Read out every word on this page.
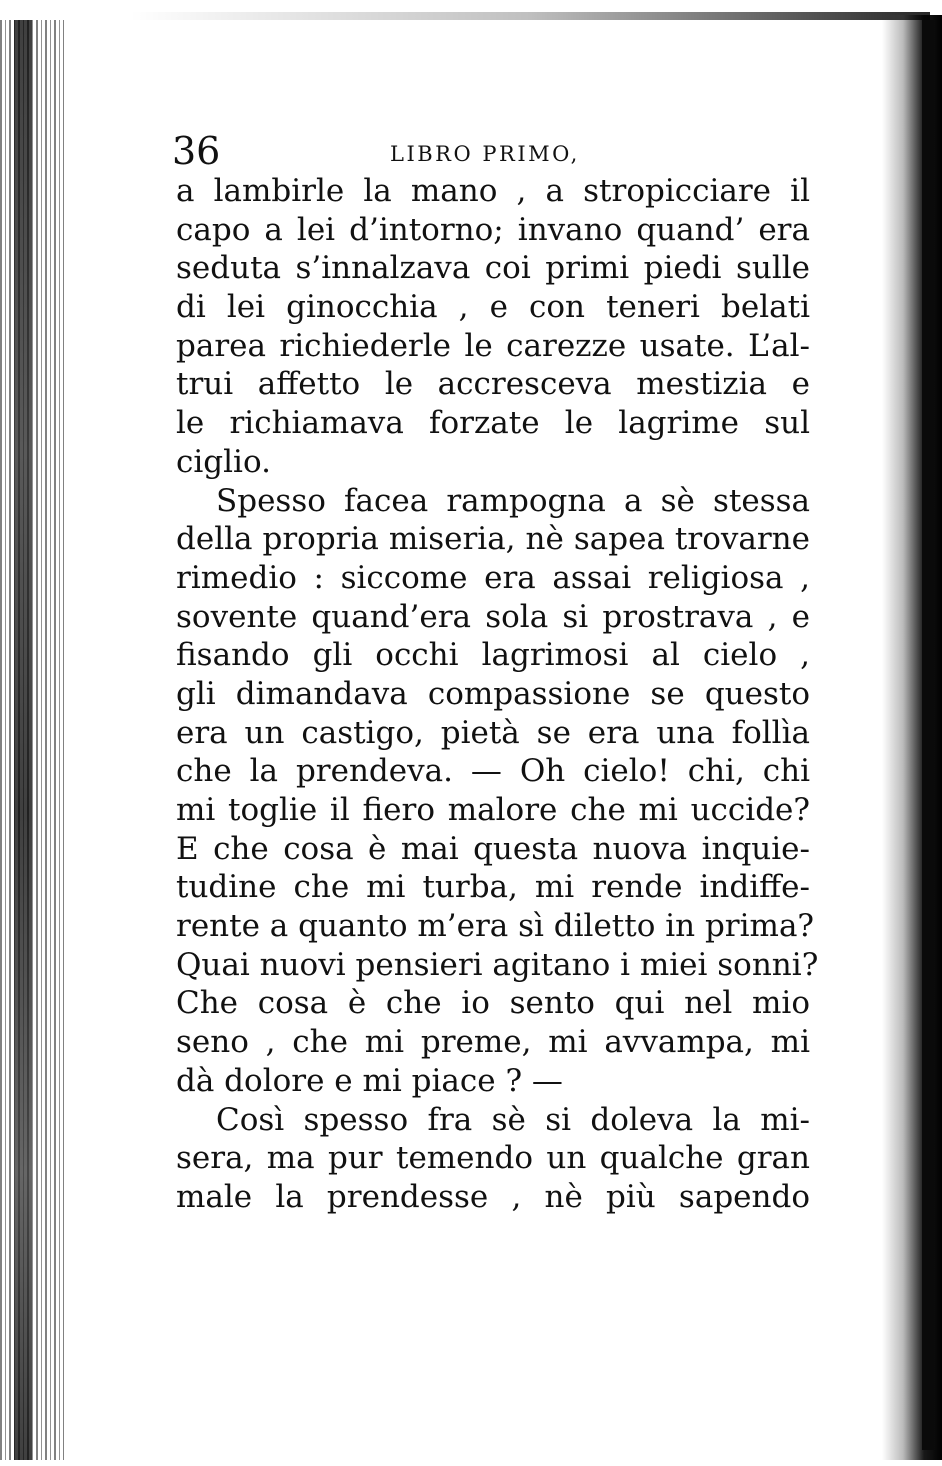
36	LIBRO PRIMO,
a lambirle la mano , a stropicciare il
capo a lei d’intorno; invano quand’ era
seduta s’innalzava coi primi piedi sulle
di lei ginocchia , e con teneri belati
parea richiederle le carezze usate. L’al-
trui affetto le accresceva mestizia e
le richiamava forzate le lagrime sul
ciglio.
Spesso facea rampogna a sè stessa
della propria miseria, nè sapea trovarne
rimedio : siccome era assai religiosa ,
sovente quand’era sola si prostrava , e
fisando gli occhi lagrimosi al cielo ,
gli dimandava compassione se questo
era un castigo, pietà se era una follìa
che la prendeva. — Oh cielo! chi, chi
mi toglie il fiero malore che mi uccide?
E che cosa è mai questa nuova inquie-
tudine che mi turba, mi rende indiffe-
rente a quanto m’era sì diletto in prima?
Quai nuovi pensieri agitano i miei sonni?
Che cosa è che io sento qui nel mio
seno , che mi preme, mi avvampa, mi
dà dolore e mi piace ? —
Così spesso fra sè si doleva la mi-
sera, ma pur temendo un qualche gran
male la prendesse , nè più sapendo
